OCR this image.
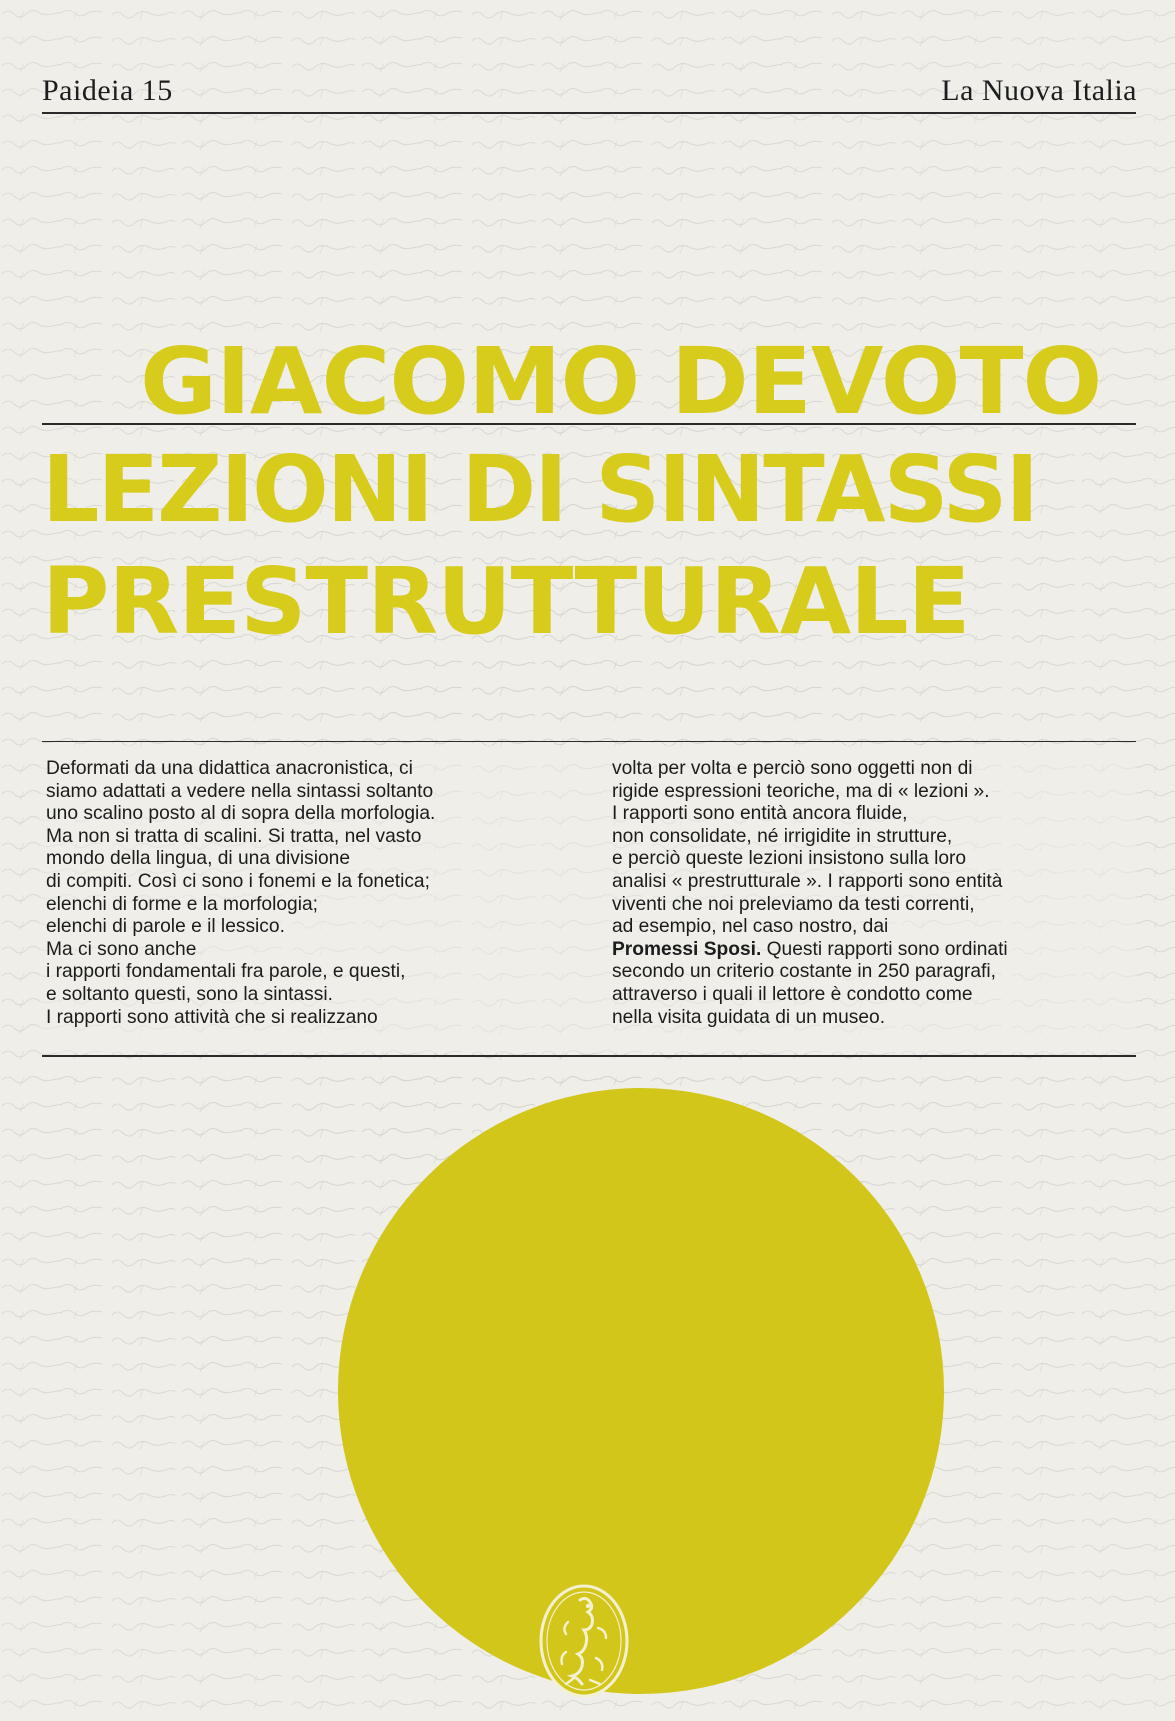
Paideia 15	La Nuova Italia
GIACOMO DEVOTO
LEZIONI DI SINTASSI
PRESTRUTTURALE
Deformati da una didattica anacronistica, ci
siamo adattati a vedere nella sintassi soltanto
uno scalino posto al di sopra della morfologia.
Ma non si tratta di scalini. Si tratta, nel vasto
mondo della lingua, di una divisione
di compiti. Così ci sono i fonemi e la fonetica;
elenchi di forme e la morfologia;
elenchi di parole e il lessico.
Ma ci sono anche
i rapporti fondamentali fra parole, e questi,
e soltanto questi, sono la sintassi.
I rapporti sono attività che si realizzano
volta per volta e perciò sono oggetti non di
rigide espressioni teoriche, ma di « lezioni ».
I rapporti sono entità ancora fluide,
non consolidate, né irrigidite in strutture,
e perciò queste lezioni insistono sulla loro
analisi « prestrutturale ». I rapporti sono entità
viventi che noi preleviamo da testi correnti,
ad esempio, nel caso nostro, dai
Promessi Sposi. Questi rapporti sono ordinati
secondo un criterio costante in 250 paragrafi,
attraverso i quali il lettore è condotto come
nella visita guidata di un museo.
